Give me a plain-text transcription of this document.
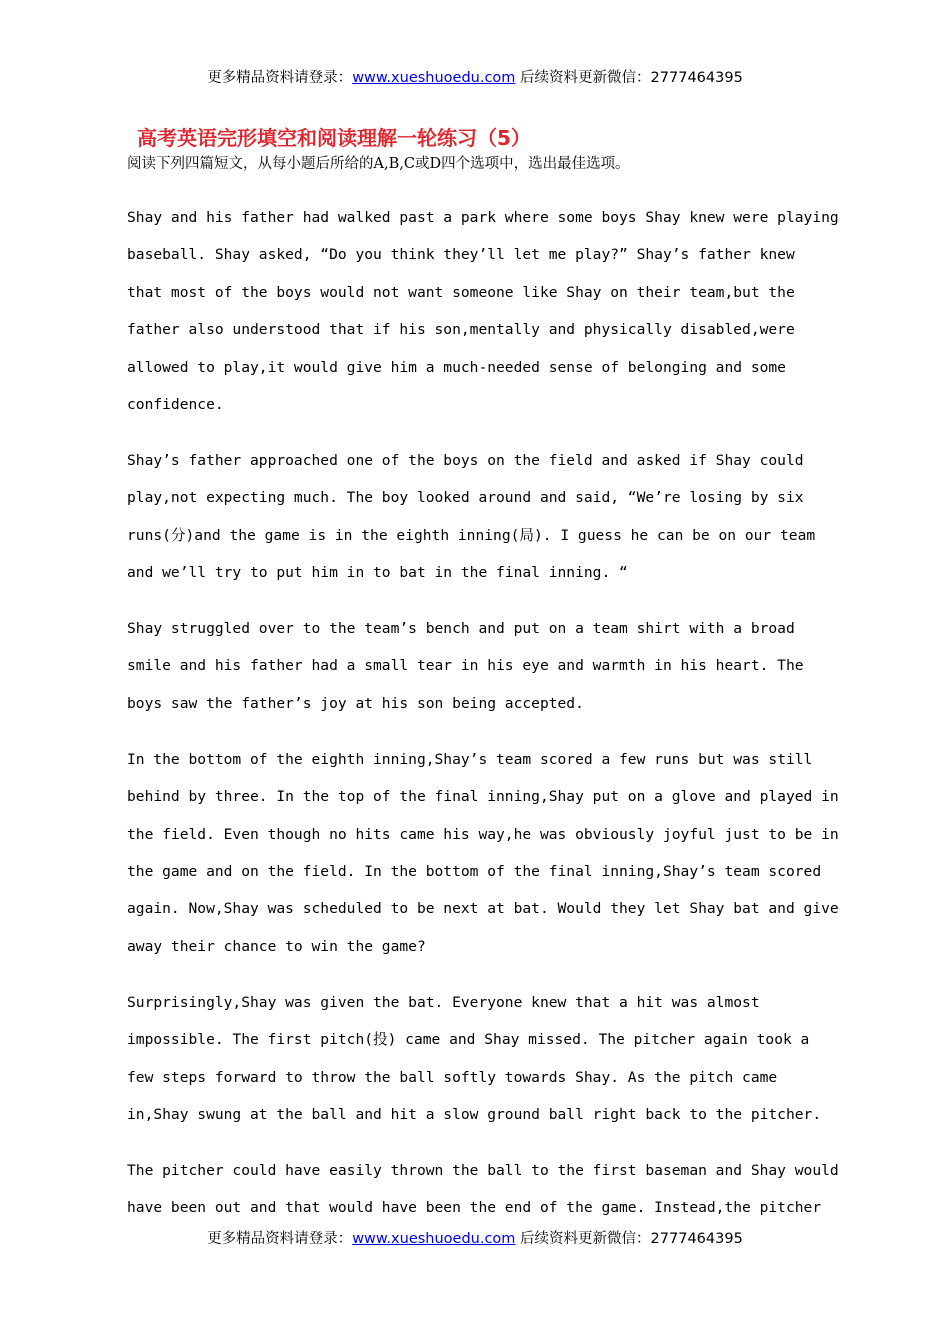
更多精品资料请登录：www.xueshuoedu.com 后续资料更新微信：2777464395
高考英语完形填空和阅读理解一轮练习（5）
阅读下列四篇短文，从每小题后所给的A,B,C或D四个选项中，选出最佳选项。
Shay and his father had walked past a park where some boys Shay knew were playing
baseball. Shay asked, “Do you think they’ll let me play?” Shay’s father knew
that most of the boys would not want someone like Shay on their team,but the
father also understood that if his son,mentally and physically disabled,were
allowed to play,it would give him a much-needed sense of belonging and some
confidence.
Shay’s father approached one of the boys on the field and asked if Shay could
play,not expecting much. The boy looked around and said, “We’re losing by six
runs(分)and the game is in the eighth inning(局). I guess he can be on our team
and we’ll try to put him in to bat in the final inning. “
Shay struggled over to the team’s bench and put on a team shirt with a broad
smile and his father had a small tear in his eye and warmth in his heart. The
boys saw the father’s joy at his son being accepted.
In the bottom of the eighth inning,Shay’s team scored a few runs but was still
behind by three. In the top of the final inning,Shay put on a glove and played in
the field. Even though no hits came his way,he was obviously joyful just to be in
the game and on the field. In the bottom of the final inning,Shay’s team scored
again. Now,Shay was scheduled to be next at bat. Would they let Shay bat and give
away their chance to win the game?
Surprisingly,Shay was given the bat. Everyone knew that a hit was almost
impossible. The first pitch(投) came and Shay missed. The pitcher again took a
few steps forward to throw the ball softly towards Shay. As the pitch came
in,Shay swung at the ball and hit a slow ground ball right back to the pitcher.
The pitcher could have easily thrown the ball to the first baseman and Shay would
have been out and that would have been the end of the game. Instead,the pitcher
更多精品资料请登录：www.xueshuoedu.com 后续资料更新微信：2777464395
